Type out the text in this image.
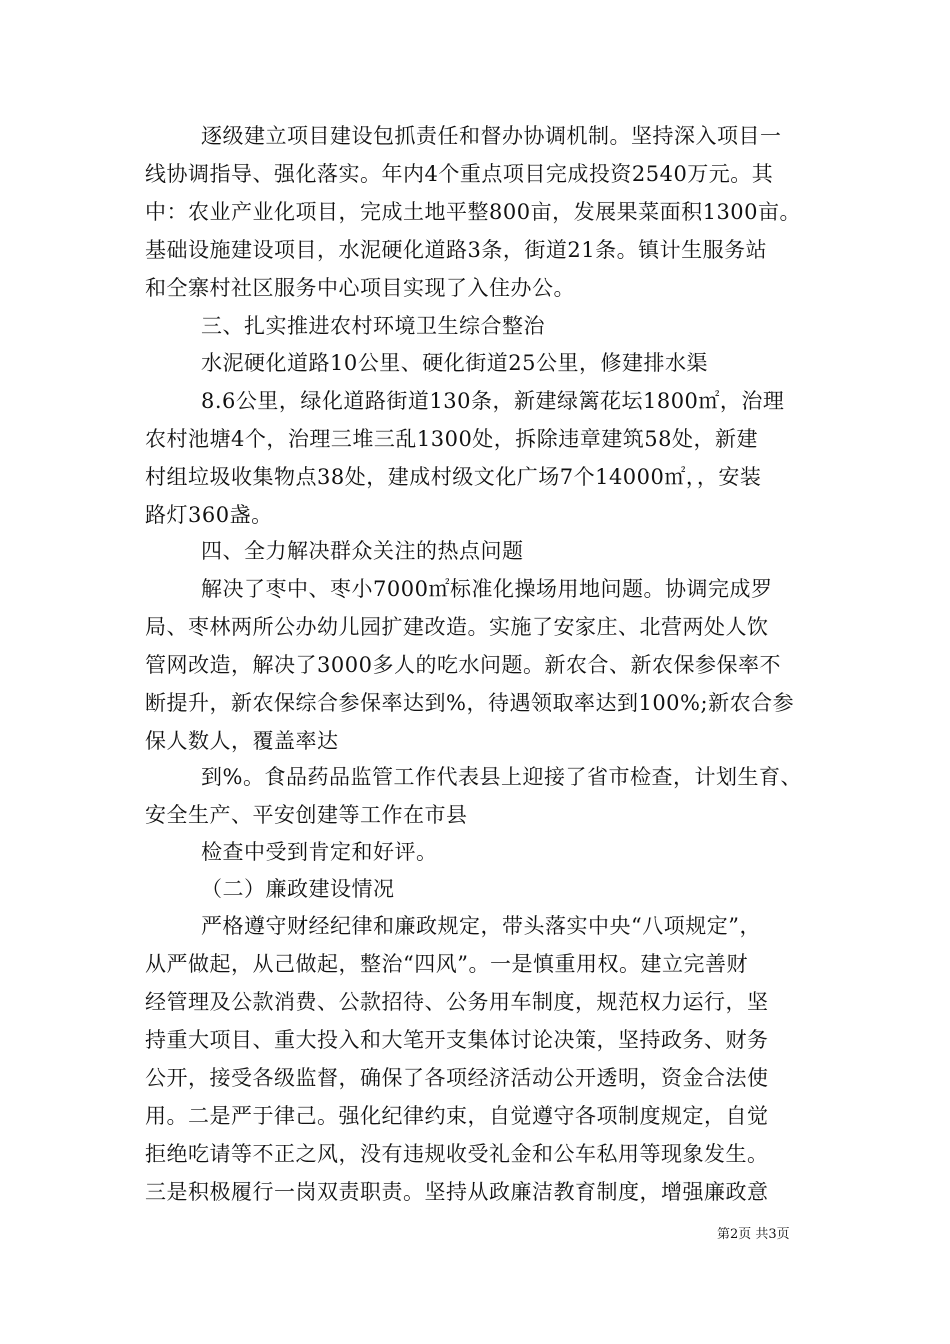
逐级建立项目建设包抓责任和督办协调机制。坚持深入项目一
线协调指导、强化落实。年内4个重点项目完成投资2540万元。其
中：农业产业化项目，完成土地平整800亩，发展果菜面积1300亩。
基础设施建设项目，水泥硬化道路3条，街道21条。镇计生服务站
和仝寨村社区服务中心项目实现了入住办公。
三、扎实推进农村环境卫生综合整治
水泥硬化道路10公里、硬化街道25公里，修建排水渠
8.6公里，绿化道路街道130条，新建绿篱花坛1800㎡，治理
农村池塘4个，治理三堆三乱1300处，拆除违章建筑58处，新建
村组垃圾收集物点38处，建成村级文化广场7个14000㎡，，安装
路灯360盏。
四、全力解决群众关注的热点问题
解决了枣中、枣小7000㎡标准化操场用地问题。协调完成罗
局、枣林两所公办幼儿园扩建改造。实施了安家庄、北营两处人饮
管网改造，解决了3000多人的吃水问题。新农合、新农保参保率不
断提升，新农保综合参保率达到%，待遇领取率达到100%;新农合参
保人数人，覆盖率达
到%。食品药品监管工作代表县上迎接了省市检查，计划生育、
安全生产、平安创建等工作在市县
检查中受到肯定和好评。
（二）廉政建设情况
严格遵守财经纪律和廉政规定，带头落实中央“八项规定”，
从严做起，从己做起，整治“四风”。一是慎重用权。建立完善财
经管理及公款消费、公款招待、公务用车制度，规范权力运行，坚
持重大项目、重大投入和大笔开支集体讨论决策，坚持政务、财务
公开，接受各级监督，确保了各项经济活动公开透明，资金合法使
用。二是严于律己。强化纪律约束，自觉遵守各项制度规定，自觉
拒绝吃请等不正之风，没有违规收受礼金和公车私用等现象发生。
三是积极履行一岗双责职责。坚持从政廉洁教育制度，增强廉政意
第2页 共3页
